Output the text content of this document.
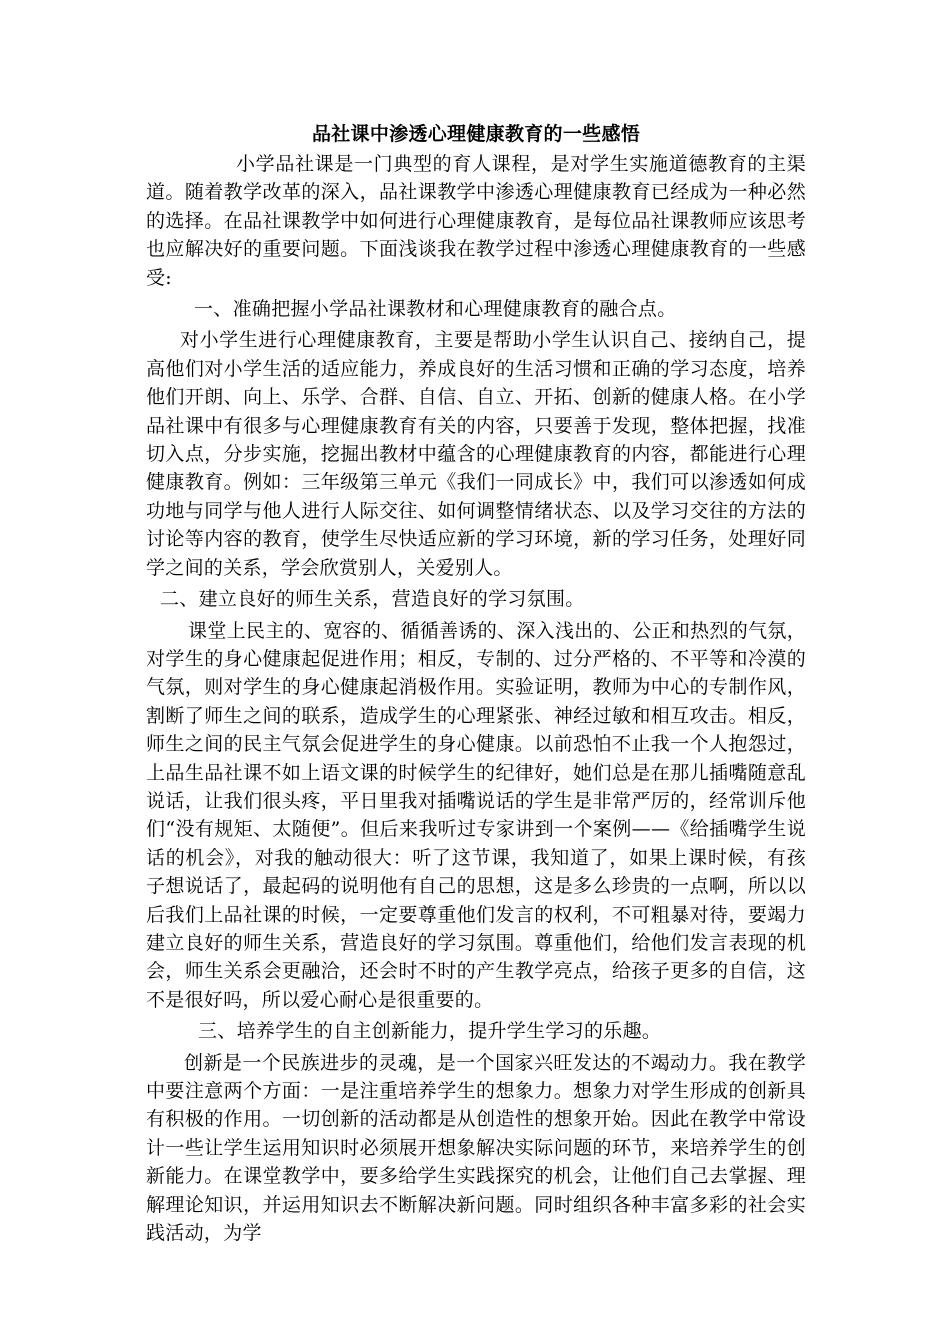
品社课中渗透心理健康教育的一些感悟

小学品社课是一门典型的育人课程，是对学生实施道德教育的主渠道。随着教学改革的深入，品社课教学中渗透心理健康教育已经成为一种必然的选择。在品社课教学中如何进行心理健康教育，是每位品社课教师应该思考也应解决好的重要问题。下面浅谈我在教学过程中渗透心理健康教育的一些感受:

一、准确把握小学品社课教材和心理健康教育的融合点。

对小学生进行心理健康教育，主要是帮助小学生认识自己、接纳自己，提高他们对小学生活的适应能力，养成良好的生活习惯和正确的学习态度，培养他们开朗、向上、乐学、合群、自信、自立、开拓、创新的健康人格。在小学品社课中有很多与心理健康教育有关的内容，只要善于发现，整体把握，找准切入点，分步实施，挖掘出教材中蕴含的心理健康教育的内容，都能进行心理健康教育。例如：三年级第三单元《我们一同成长》中，我们可以渗透如何成功地与同学与他人进行人际交往、如何调整情绪状态、以及学习交往的方法的讨论等内容的教育，使学生尽快适应新的学习环境，新的学习任务，处理好同学之间的关系，学会欣赏别人，关爱别人。

二、建立良好的师生关系，营造良好的学习氛围。

课堂上民主的、宽容的、循循善诱的、深入浅出的、公正和热烈的气氛，对学生的身心健康起促进作用；相反，专制的、过分严格的、不平等和冷漠的气氛，则对学生的身心健康起消极作用。实验证明，教师为中心的专制作风，割断了师生之间的联系，造成学生的心理紧张、神经过敏和相互攻击。相反，师生之间的民主气氛会促进学生的身心健康。以前恐怕不止我一个人抱怨过，上品生品社课不如上语文课的时候学生的纪律好，她们总是在那儿插嘴随意乱说话，让我们很头疼，平日里我对插嘴说话的学生是非常严厉的，经常训斥他们“没有规矩、太随便”。但后来我听过专家讲到一个案例——《给插嘴学生说话的机会》，对我的触动很大：听了这节课，我知道了，如果上课时候，有孩子想说话了，最起码的说明他有自己的思想，这是多么珍贵的一点啊，所以以后我们上品社课的时候，一定要尊重他们发言的权利，不可粗暴对待，要竭力建立良好的师生关系，营造良好的学习氛围。尊重他们，给他们发言表现的机会，师生关系会更融洽，还会时不时的产生教学亮点，给孩子更多的自信，这不是很好吗，所以爱心耐心是很重要的。

三、培养学生的自主创新能力，提升学生学习的乐趣。

创新是一个民族进步的灵魂，是一个国家兴旺发达的不竭动力。我在教学中要注意两个方面：一是注重培养学生的想象力。想象力对学生形成的创新具有积极的作用。一切创新的活动都是从创造性的想象开始。因此在教学中常设计一些让学生运用知识时必须展开想象解决实际问题的环节，来培养学生的创新能力。在课堂教学中，要多给学生实践探究的机会，让他们自己去掌握、理解理论知识，并运用知识去不断解决新问题。同时组织各种丰富多彩的社会实践活动，为学
